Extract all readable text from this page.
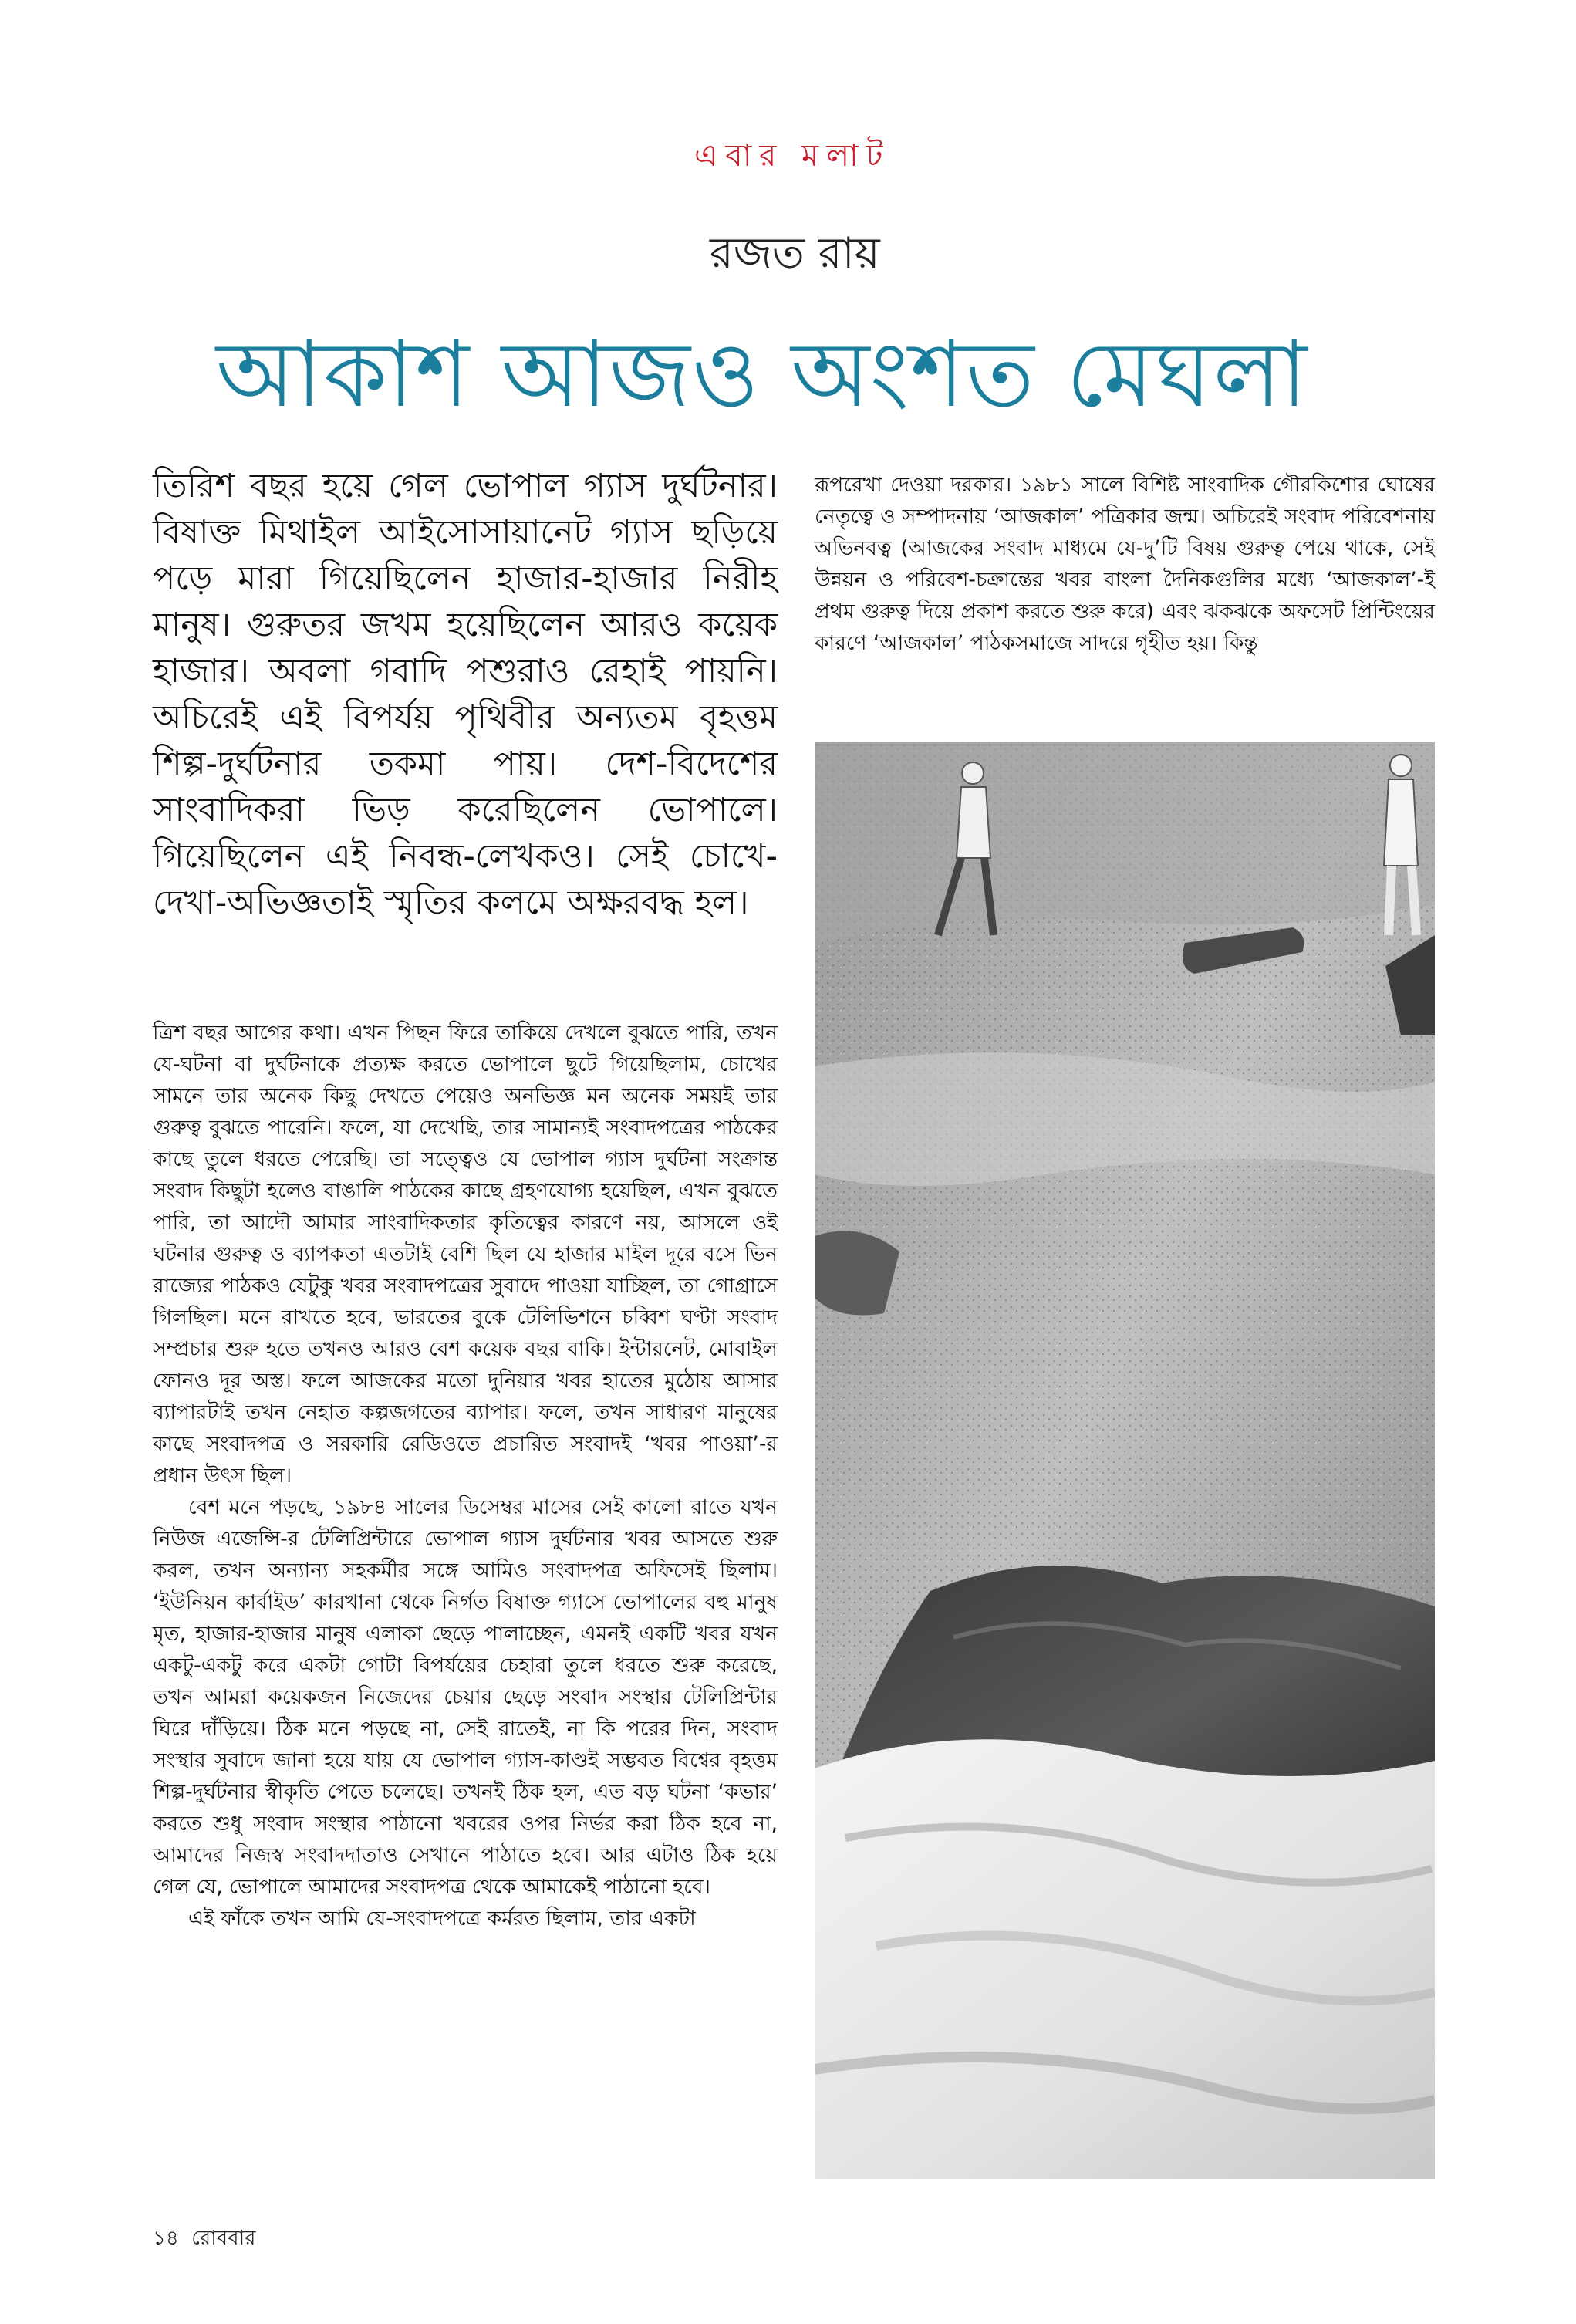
এবার মলাট
রজত রায়
আকাশ আজও অংশত মেঘলা
তিরিশ বছর হয়ে গেল ভোপাল গ্যাস দুর্ঘটনার। বিষাক্ত মিথাইল আইসোসায়ানেট গ্যাস ছড়িয়ে পড়ে মারা গিয়েছিলেন হাজার-হাজার নিরীহ মানুষ। গুরুতর জখম হয়েছিলেন আরও কয়েক হাজার। অবলা গবাদি পশুরাও রেহাই পায়নি। অচিরেই এই বিপর্যয় পৃথিবীর অন্যতম বৃহত্তম শিল্প-দুর্ঘটনার তকমা পায়। দেশ-বিদেশের সাংবাদিকরা ভিড় করেছিলেন ভোপালে। গিয়েছিলেন এই নিবন্ধ-লেখকও। সেই চোখে-দেখা-অভিজ্ঞতাই স্মৃতির কলমে অক্ষরবদ্ধ হল।

ত্রিশ বছর আগের কথা। এখন পিছন ফিরে তাকিয়ে দেখলে বুঝতে পারি, তখন যে-ঘটনা বা দুর্ঘটনাকে প্রত্যক্ষ করতে ভোপালে ছুটে গিয়েছিলাম, চোখের সামনে তার অনেক কিছু দেখতে পেয়েও অনভিজ্ঞ মন অনেক সময়ই তার গুরুত্ব বুঝতে পারেনি। ফলে, যা দেখেছি, তার সামান্যই সংবাদপত্রের পাঠকের কাছে তুলে ধরতে পেরেছি। তা সত্ত্বেও যে ভোপাল গ্যাস দুর্ঘটনা সংক্রান্ত সংবাদ কিছুটা হলেও বাঙালি পাঠকের কাছে গ্রহণযোগ্য হয়েছিল, এখন বুঝতে পারি, তা আদৌ আমার সাংবাদিকতার কৃতিত্বের কারণে নয়, আসলে ওই ঘটনার গুরুত্ব ও ব্যাপকতা এতটাই বেশি ছিল যে হাজার মাইল দূরে বসে ভিন রাজ্যের পাঠকও যেটুকু খবর সংবাদপত্রের সুবাদে পাওয়া যাচ্ছিল, তা গোগ্রাসে গিলছিল। মনে রাখতে হবে, ভারতের বুকে টেলিভিশনে চব্বিশ ঘণ্টা সংবাদ সম্প্রচার শুরু হতে তখনও আরও বেশ কয়েক বছর বাকি। ইন্টারনেট, মোবাইল ফোনও দূর অস্ত। ফলে আজকের মতো দুনিয়ার খবর হাতের মুঠোয় আসার ব্যাপারটাই তখন নেহাত কল্পজগতের ব্যাপার। ফলে, তখন সাধারণ মানুষের কাছে সংবাদপত্র ও সরকারি রেডিওতে প্রচারিত সংবাদই ‘খবর পাওয়া’-র প্রধান উৎস ছিল।

বেশ মনে পড়ছে, ১৯৮৪ সালের ডিসেম্বর মাসের সেই কালো রাতে যখন নিউজ এজেন্সি-র টেলিপ্রিন্টারে ভোপাল গ্যাস দুর্ঘটনার খবর আসতে শুরু করল, তখন অন্যান্য সহকর্মীর সঙ্গে আমিও সংবাদপত্র অফিসেই ছিলাম। ‘ইউনিয়ন কার্বাইড’ কারখানা থেকে নির্গত বিষাক্ত গ্যাসে ভোপালের বহু মানুষ মৃত, হাজার-হাজার মানুষ এলাকা ছেড়ে পালাচ্ছেন, এমনই একটি খবর যখন একটু-একটু করে একটা গোটা বিপর্যয়ের চেহারা তুলে ধরতে শুরু করেছে, তখন আমরা কয়েকজন নিজেদের চেয়ার ছেড়ে সংবাদ সংস্থার টেলিপ্রিন্টার ঘিরে দাঁড়িয়ে। ঠিক মনে পড়ছে না, সেই রাতেই, না কি পরের দিন, সংবাদ সংস্থার সুবাদে জানা হয়ে যায় যে ভোপাল গ্যাস-কাণ্ডই সম্ভবত বিশ্বের বৃহত্তম শিল্প-দুর্ঘটনার স্বীকৃতি পেতে চলেছে। তখনই ঠিক হল, এত বড় ঘটনা ‘কভার’ করতে শুধু সংবাদ সংস্থার পাঠানো খবরের ওপর নির্ভর করা ঠিক হবে না, আমাদের নিজস্ব সংবাদদাতাও সেখানে পাঠাতে হবে। আর এটাও ঠিক হয়ে গেল যে, ভোপালে আমাদের সংবাদপত্র থেকে আমাকেই পাঠানো হবে।

এই ফাঁকে তখন আমি যে-সংবাদপত্রে কর্মরত ছিলাম, তার একটা

রূপরেখা দেওয়া দরকার। ১৯৮১ সালে বিশিষ্ট সাংবাদিক গৌরকিশোর ঘোষের নেতৃত্বে ও সম্পাদনায় ‘আজকাল’ পত্রিকার জন্ম। অচিরেই সংবাদ পরিবেশনায় অভিনবত্ব (আজকের সংবাদ মাধ্যমে যে-দু’টি বিষয় গুরুত্ব পেয়ে থাকে, সেই উন্নয়ন ও পরিবেশ-চক্রান্তের খবর বাংলা দৈনিকগুলির মধ্যে ‘আজকাল’-ই প্রথম গুরুত্ব দিয়ে প্রকাশ করতে শুরু করে) এবং ঝকঝকে অফসেট প্রিন্টিংয়ের কারণে ‘আজকাল’ পাঠকসমাজে সাদরে গৃহীত হয়। কিন্তু
১৪ রোববার
